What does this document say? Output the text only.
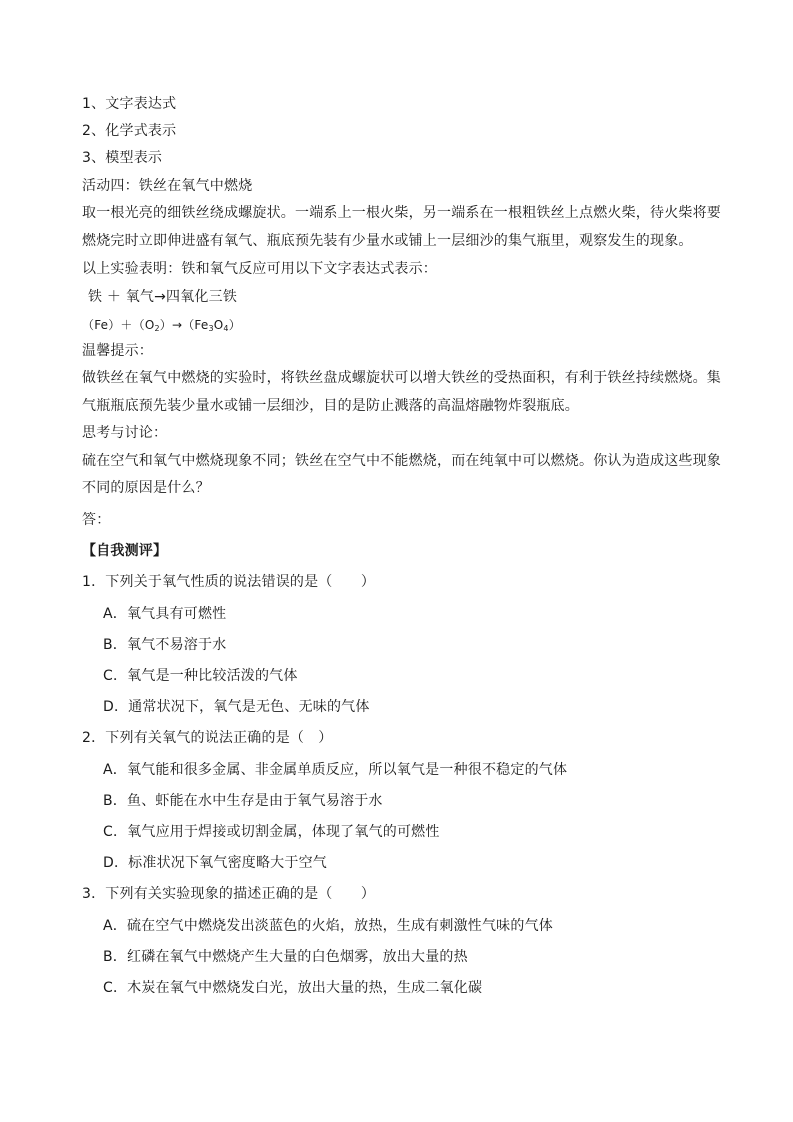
1、文字表达式
2、化学式表示
3、模型表示
活动四：铁丝在氧气中燃烧
取一根光亮的细铁丝绕成螺旋状。一端系上一根火柴，另一端系在一根粗铁丝上点燃火柴，待火柴将要
燃烧完时立即伸进盛有氧气、瓶底预先装有少量水或铺上一层细沙的集气瓶里，观察发生的现象。
以上实验表明：铁和氧气反应可用以下文字表达式表示：
铁 ＋ 氧气→四氧化三铁
$(Fe)+(O_2)\to(Fe_3O_4)$
温馨提示：
做铁丝在氧气中燃烧的实验时，将铁丝盘成螺旋状可以增大铁丝的受热面积，有利于铁丝持续燃烧。集
气瓶瓶底预先装少量水或铺一层细沙，目的是防止溅落的高温熔融物炸裂瓶底。
思考与讨论：
硫在空气和氧气中燃烧现象不同；铁丝在空气中不能燃烧，而在纯氧中可以燃烧。你认为造成这些现象
不同的原因是什么？
答：
【自我测评】
1．下列关于氧气性质的说法错误的是（　　）
A．氧气具有可燃性
B．氧气不易溶于水
C．氧气是一种比较活泼的气体
D．通常状况下，氧气是无色、无味的气体
2．下列有关氧气的说法正确的是（　）
A．氧气能和很多金属、非金属单质反应，所以氧气是一种很不稳定的气体
B．鱼、虾能在水中生存是由于氧气易溶于水
C．氧气应用于焊接或切割金属，体现了氧气的可燃性
D．标准状况下氧气密度略大于空气
3．下列有关实验现象的描述正确的是（　　）
A．硫在空气中燃烧发出淡蓝色的火焰，放热，生成有刺激性气味的气体
B．红磷在氧气中燃烧产生大量的白色烟雾，放出大量的热
C．木炭在氧气中燃烧发白光，放出大量的热，生成二氧化碳
